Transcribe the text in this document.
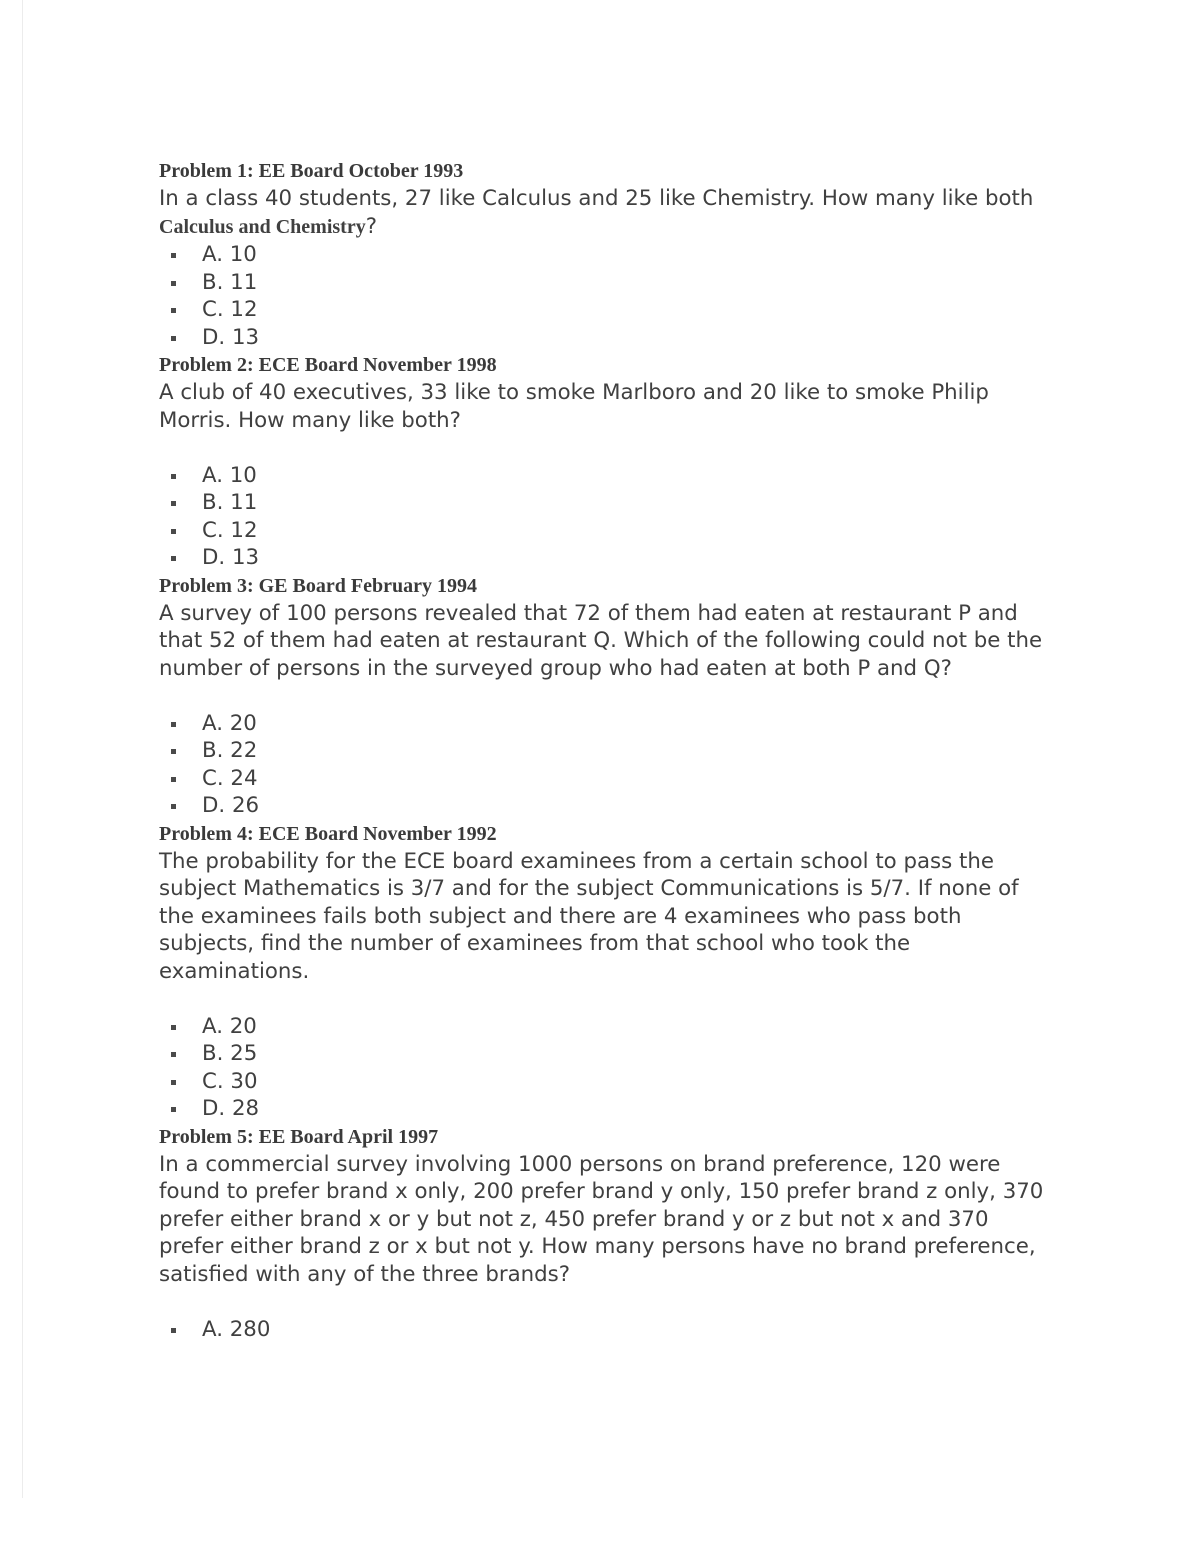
Problem 1: EE Board October 1993
In a class 40 students, 27 like Calculus and 25 like Chemistry. How many like both Calculus and Chemistry?
A. 10
B. 11
C. 12
D. 13
Problem 2: ECE Board November 1998
A club of 40 executives, 33 like to smoke Marlboro and 20 like to smoke Philip Morris. How many like both?
A. 10
B. 11
C. 12
D. 13
Problem 3: GE Board February 1994
A survey of 100 persons revealed that 72 of them had eaten at restaurant P and that 52 of them had eaten at restaurant Q. Which of the following could not be the number of persons in the surveyed group who had eaten at both P and Q?
A. 20
B. 22
C. 24
D. 26
Problem 4: ECE Board November 1992
The probability for the ECE board examinees from a certain school to pass the subject Mathematics is 3/7 and for the subject Communications is 5/7. If none of the examinees fails both subject and there are 4 examinees who pass both subjects, find the number of examinees from that school who took the examinations.
A. 20
B. 25
C. 30
D. 28
Problem 5: EE Board April 1997
In a commercial survey involving 1000 persons on brand preference, 120 were found to prefer brand x only, 200 prefer brand y only, 150 prefer brand z only, 370 prefer either brand x or y but not z, 450 prefer brand y or z but not x and 370 prefer either brand z or x but not y. How many persons have no brand preference, satisfied with any of the three brands?
A. 280
